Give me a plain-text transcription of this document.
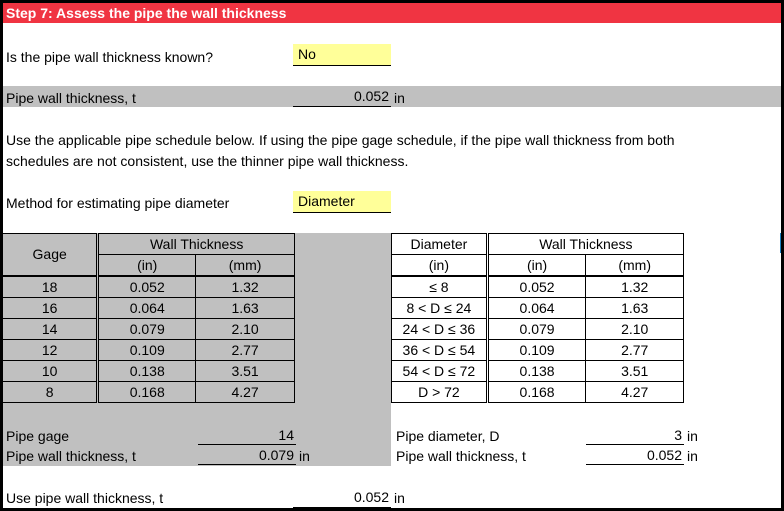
Step 7: Assess the pipe the wall thickness
Is the pipe wall thickness known?	No
Pipe wall thickness, t	0.052 in
Use the applicable pipe schedule below. If using the pipe gage schedule, if the pipe wall thickness from both
schedules are not consistent, use the thinner pipe wall thickness.
Method for estimating pipe diameter	Diameter
Gage	Wall Thickness	
	(in)	(mm)
18	0.052	1.32
16	0.064	1.63
14	0.079	2.10
12	0.109	2.77
10	0.138	3.51
8	0.168	4.27
Diameter	Wall Thickness	
(in)	(in)	(mm)
≤ 8	0.052	1.32
8 < D ≤ 24	0.064	1.63
24 < D ≤ 36	0.079	2.10
36 < D ≤ 54	0.109	2.77
54 < D ≤ 72	0.138	3.51
D > 72	0.168	4.27
Pipe gage	14
Pipe wall thickness, t	0.079 in
Pipe diameter, D	3 in
Pipe wall thickness, t	0.052 in
Use pipe wall thickness, t	0.052 in
